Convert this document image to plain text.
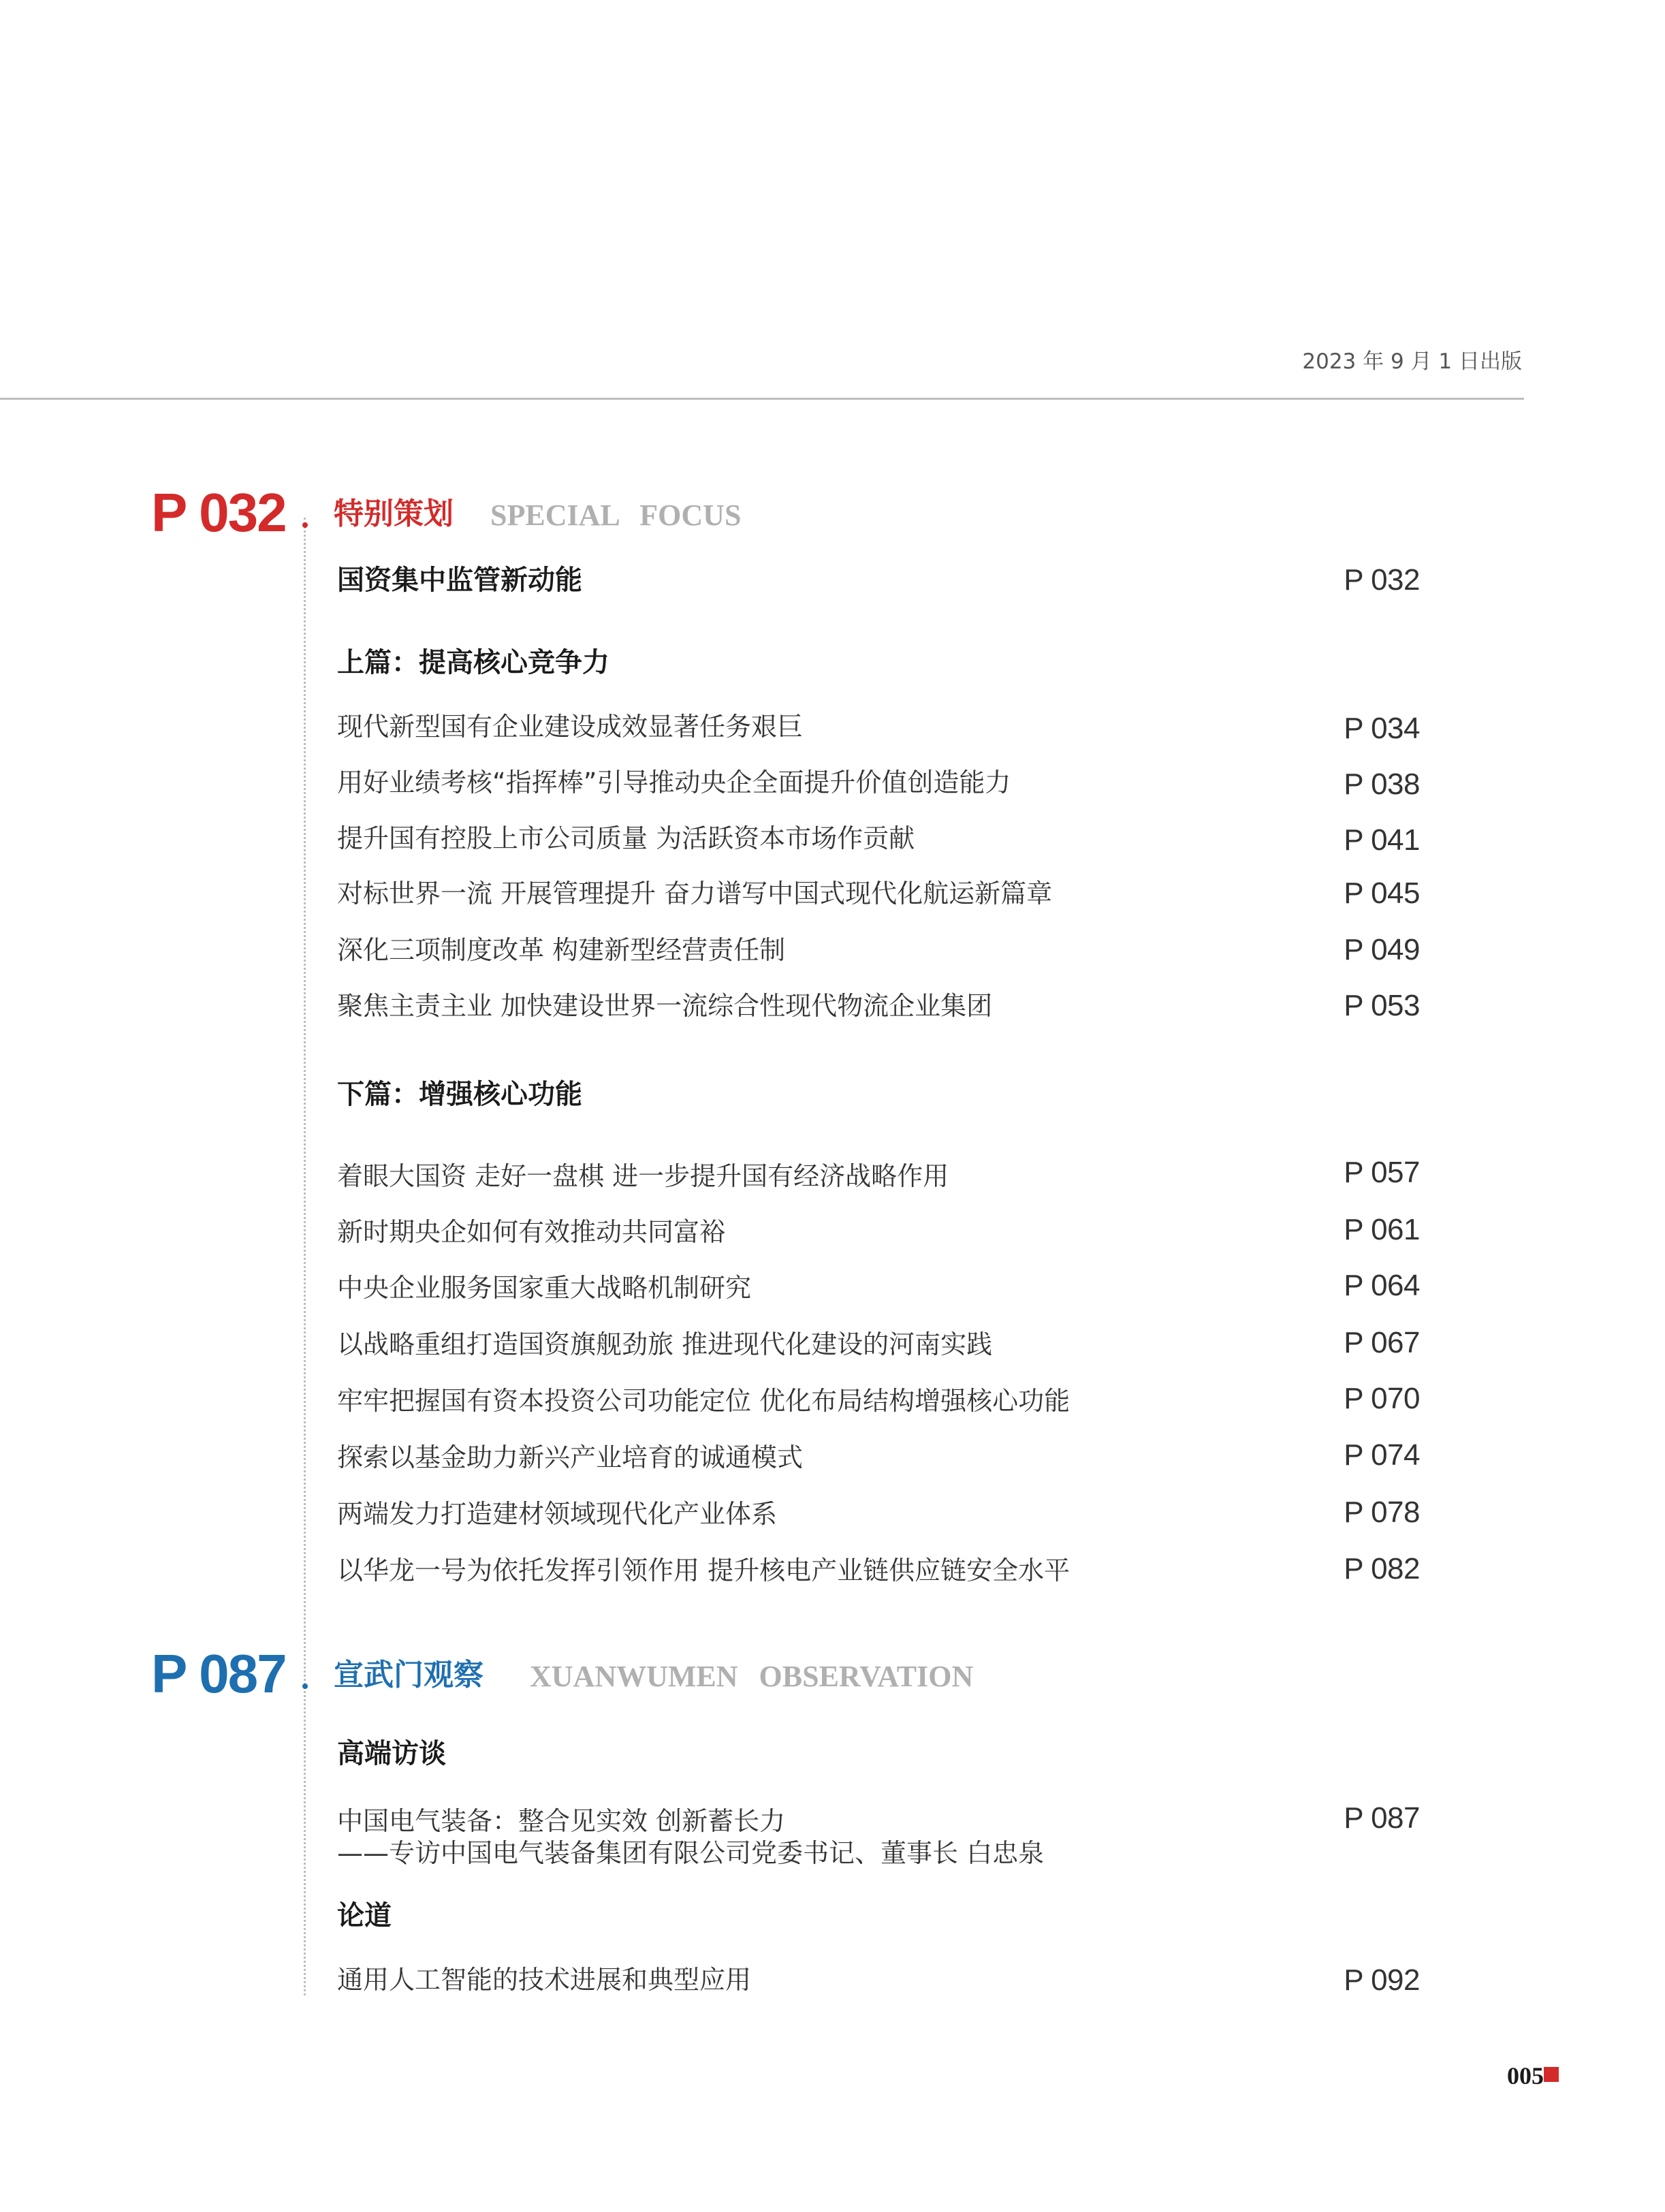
2023 年 9 月 1 日出版
P 032 特别策划 SPECIAL FOCUS
国资集中监管新动能	P 032
上篇：提高核心竞争力
现代新型国有企业建设成效显著任务艰巨	P 034
用好业绩考核“指挥棒”引导推动央企全面提升价值创造能力	P 038
提升国有控股上市公司质量 为活跃资本市场作贡献	P 041
对标世界一流 开展管理提升 奋力谱写中国式现代化航运新篇章	P 045
深化三项制度改革 构建新型经营责任制	P 049
聚焦主责主业 加快建设世界一流综合性现代物流企业集团	P 053
下篇：增强核心功能
着眼大国资 走好一盘棋 进一步提升国有经济战略作用	P 057
新时期央企如何有效推动共同富裕	P 061
中央企业服务国家重大战略机制研究	P 064
以战略重组打造国资旗舰劲旅 推进现代化建设的河南实践	P 067
牢牢把握国有资本投资公司功能定位 优化布局结构增强核心功能	P 070
探索以基金助力新兴产业培育的诚通模式	P 074
两端发力打造建材领域现代化产业体系	P 078
以华龙一号为依托发挥引领作用 提升核电产业链供应链安全水平	P 082
P 087 宣武门观察 XUANWUMEN OBSERVATION
高端访谈
中国电气装备：整合见实效 创新蓄长力
——专访中国电气装备集团有限公司党委书记、董事长 白忠泉
P 087
论道
通用人工智能的技术进展和典型应用	P 092
005
